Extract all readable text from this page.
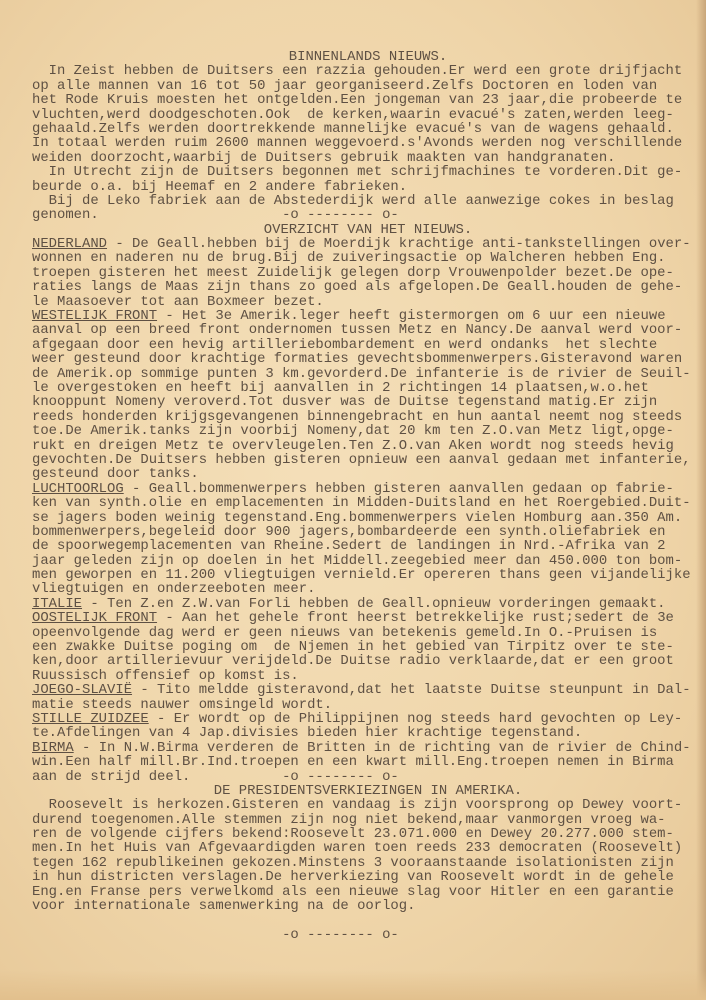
BINNENLANDS NIEUWS.
In Zeist hebben de Duitsers een razzia gehouden.Er werd een grote drijfjacht
op alle mannen van 16 tot 50 jaar georganiseerd.Zelfs Doctoren en loden van
het Rode Kruis moesten het ontgelden.Een jongeman van 23 jaar,die probeerde te
vluchten,werd doodgeschoten.Ook  de kerken,waarin evacué's zaten,werden leeg-
gehaald.Zelfs werden doortrekkende mannelijke evacué's van de wagens gehaald.
In totaal werden ruim 2600 mannen weggevoerd.s'Avonds werden nog verschillende
weiden doorzocht,waarbij de Duitsers gebruik maakten van handgranaten.
In Utrecht zijn de Duitsers begonnen met schrijfmachines te vorderen.Dit ge-
beurde o.a. bij Heemaf en 2 andere fabrieken.
Bij de Leko fabriek aan de Abstederdijk werd alle aanwezige cokes in beslag
genomen.                      -o -------- o-
OVERZICHT VAN HET NIEUWS.
NEDERLAND - De Geall.hebben bij de Moerdijk krachtige anti-tankstellingen over-
wonnen en naderen nu de brug.Bij de zuiveringsactie op Walcheren hebben Eng.
troepen gisteren het meest Zuidelijk gelegen dorp Vrouwenpolder bezet.De ope-
raties langs de Maas zijn thans zo goed als afgelopen.De Geall.houden de gehe-
le Maasoever tot aan Boxmeer bezet.
WESTELIJK FRONT - Het 3e Amerik.leger heeft gistermorgen om 6 uur een nieuwe
aanval op een breed front ondernomen tussen Metz en Nancy.De aanval werd voor-
afgegaan door een hevig artilleriebombardement en werd ondanks  het slechte
weer gesteund door krachtige formaties gevechtsbommenwerpers.Gisteravond waren
de Amerik.op sommige punten 3 km.gevorderd.De infanterie is de rivier de Seuil-
le overgestoken en heeft bij aanvallen in 2 richtingen 14 plaatsen,w.o.het
knooppunt Nomeny veroverd.Tot dusver was de Duitse tegenstand matig.Er zijn
reeds honderden krijgsgevangenen binnengebracht en hun aantal neemt nog steeds
toe.De Amerik.tanks zijn voorbij Nomeny,dat 20 km ten Z.O.van Metz ligt,opge-
rukt en dreigen Metz te overvleugelen.Ten Z.O.van Aken wordt nog steeds hevig
gevochten.De Duitsers hebben gisteren opnieuw een aanval gedaan met infanterie,
gesteund door tanks.
LUCHTOORLOG - Geall.bommenwerpers hebben gisteren aanvallen gedaan op fabrie-
ken van synth.olie en emplacementen in Midden-Duitsland en het Roergebied.Duit-
se jagers boden weinig tegenstand.Eng.bommenwerpers vielen Homburg aan.350 Am.
bommenwerpers,begeleid door 900 jagers,bombardeerde een synth.oliefabriek en
de spoorwegemplacementen van Rheine.Sedert de landingen in Nrd.-Afrika van 2
jaar geleden zijn op doelen in het Middell.zeegebied meer dan 450.000 ton bom-
men geworpen en 11.200 vliegtuigen vernield.Er opereren thans geen vijandelijke
vliegtuigen en onderzeeboten meer.
ITALIE - Ten Z.en Z.W.van Forli hebben de Geall.opnieuw vorderingen gemaakt.
OOSTELIJK FRONT - Aan het gehele front heerst betrekkelijke rust;sedert de 3e
opeenvolgende dag werd er geen nieuws van betekenis gemeld.In O.-Pruisen is
een zwakke Duitse poging om  de Njemen in het gebied van Tirpitz over te ste-
ken,door artillerievuur verijdeld.De Duitse radio verklaarde,dat er een groot
Ruussisch offensief op komst is.
JOEGO-SLAVIË - Tito meldde gisteravond,dat het laatste Duitse steunpunt in Dal-
matie steeds nauwer omsingeld wordt.
STILLE ZUIDZEE - Er wordt op de Philippijnen nog steeds hard gevochten op Ley-
te.Afdelingen van 4 Jap.divisies bieden hier krachtige tegenstand.
BIRMA - In N.W.Birma verderen de Britten in de richting van de rivier de Chind-
win.Een half mill.Br.Ind.troepen en een kwart mill.Eng.troepen nemen in Birma
aan de strijd deel.           -o -------- o-
DE PRESIDENTSVERKIEZINGEN IN AMERIKA.
Roosevelt is herkozen.Gisteren en vandaag is zijn voorsprong op Dewey voort-
durend toegenomen.Alle stemmen zijn nog niet bekend,maar vanmorgen vroeg wa-
ren de volgende cijfers bekend:Roosevelt 23.071.000 en Dewey 20.277.000 stem-
men.In het Huis van Afgevaardigden waren toen reeds 233 democraten (Roosevelt)
tegen 162 republikeinen gekozen.Minstens 3 vooraanstaande isolationisten zijn
in hun districten verslagen.De herverkiezing van Roosevelt wordt in de gehele
Eng.en Franse pers verwelkomd als een nieuwe slag voor Hitler en een garantie
voor internationale samenwerking na de oorlog.
-o -------- o-
